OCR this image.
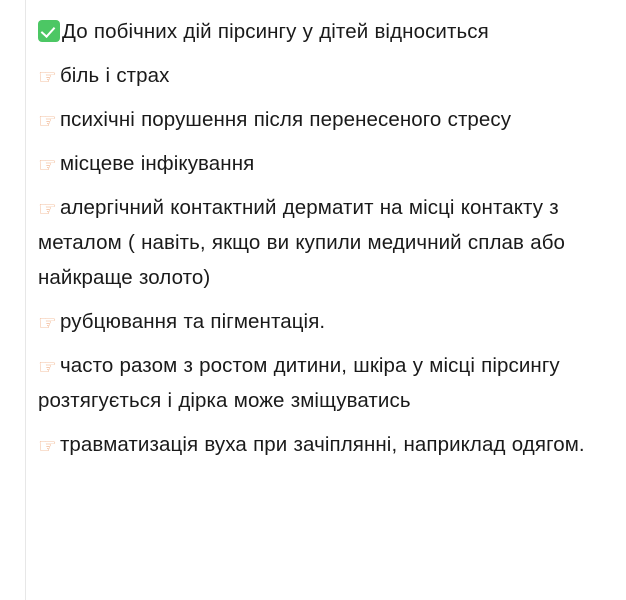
До побічних дій пірсингу у дітей відноситься

☞ біль і страх

☞ психічні порушення після перенесеного стресу

☞ місцеве інфікування

☞ алергічний контактний дерматит на місці контакту з металом ( навіть, якщо ви купили медичний сплав або найкраще золото)

☞ рубцювання та пігментація.

☞ часто разом з ростом дитини, шкіра у місці пірсингу розтягується і дірка може зміщуватись

☞ травматизація вуха при зачіплянні, наприклад одягом.
